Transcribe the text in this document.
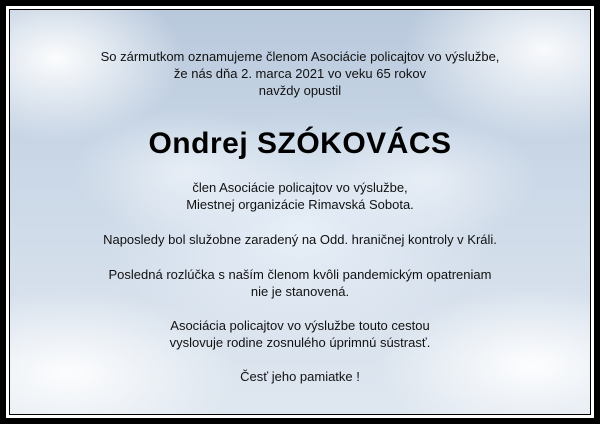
So zármutkom oznamujeme členom Asociácie policajtov vo výslužbe,
že nás dňa 2. marca 2021 vo veku 65 rokov
navždy opustil

Ondrej SZÓKOVÁCS

člen Asociácie policajtov vo výslužbe,
Miestnej organizácie Rimavská Sobota.

Naposledy bol služobne zaradený na Odd. hraničnej kontroly v Králi.

Posledná rozlúčka s naším členom kvôli pandemickým opatreniam
nie je stanovená.

Asociácia policajtov vo výslužbe touto cestou
vyslovuje rodine zosnulého úprimnú sústrasť.

Česť jeho pamiatke !
